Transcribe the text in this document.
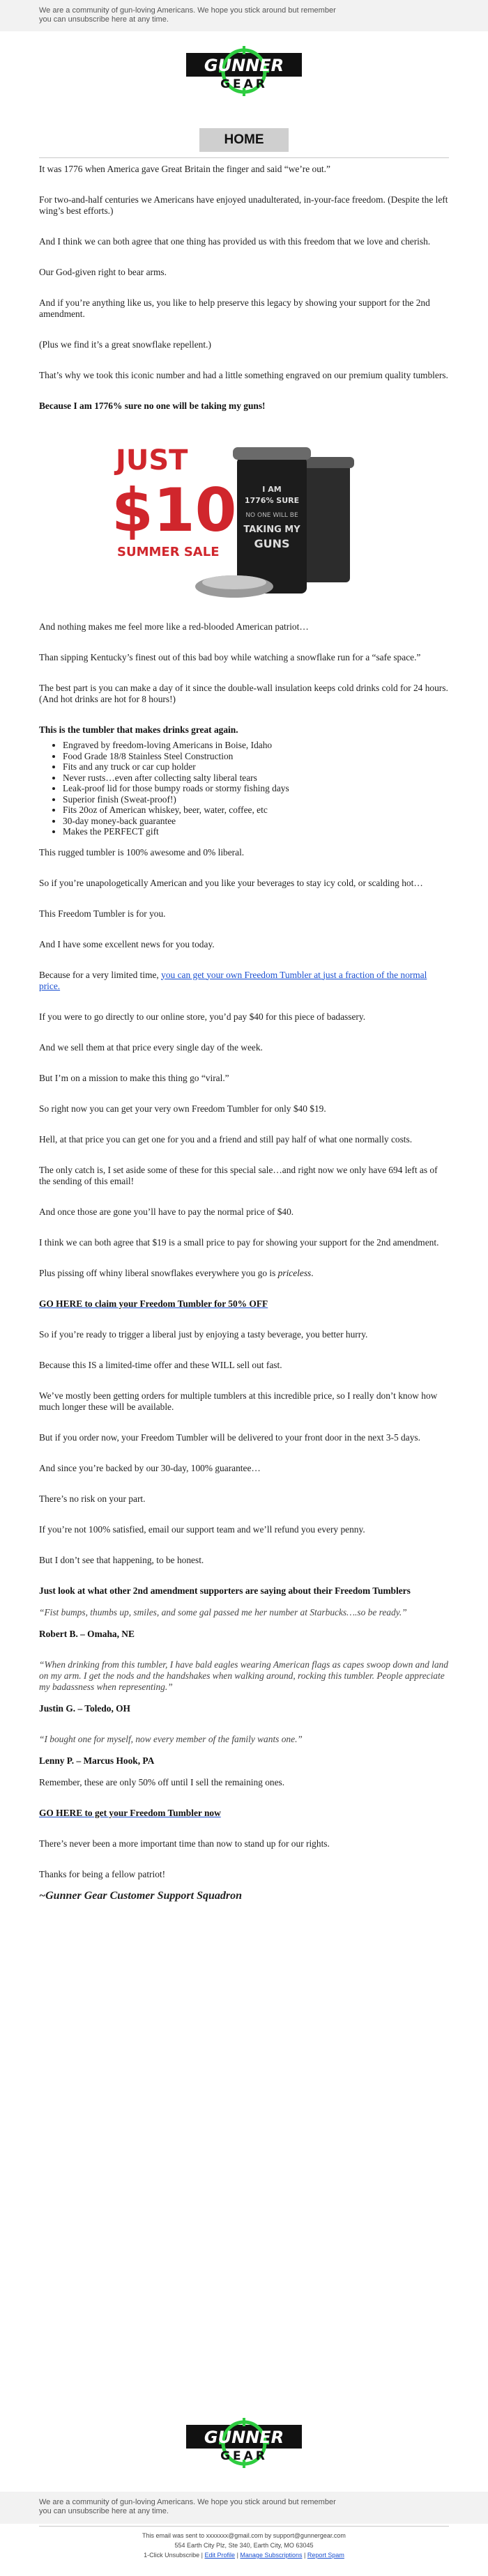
We are a community of gun-loving Americans. We hope you stick around but remember you can unsubscribe here at any time.

GUNNER
GEAR
HOME

It was 1776 when America gave Great Britain the finger and said “we’re out.”

For two-and-half centuries we Americans have enjoyed unadulterated, in-your-face freedom. (Despite the left wing’s best efforts.)

And I think we can both agree that one thing has provided us with this freedom that we love and cherish.

Our God-given right to bear arms.

And if you’re anything like us, you like to help preserve this legacy by showing your support for the 2nd amendment.

(Plus we find it’s a great snowflake repellent.)

That’s why we took this iconic number and had a little something engraved on our premium quality tumblers.

Because I am 1776% sure no one will be taking my guns!

JUST
$10
SUMMER SALE
I AM
1776% SURE
NO ONE WILL BE
TAKING MY
GUNS

And nothing makes me feel more like a red-blooded American patriot…

Than sipping Kentucky’s finest out of this bad boy while watching a snowflake run for a “safe space.”

The best part is you can make a day of it since the double-wall insulation keeps cold drinks cold for 24 hours. (And hot drinks are hot for 8 hours!)

This is the tumbler that makes drinks great again.

• Engraved by freedom-loving Americans in Boise, Idaho
• Food Grade 18/8 Stainless Steel Construction
• Fits and any truck or car cup holder
• Never rusts…even after collecting salty liberal tears
• Leak-proof lid for those bumpy roads or stormy fishing days
• Superior finish (Sweat-proof!)
• Fits 20oz of American whiskey, beer, water, coffee, etc
• 30-day money-back guarantee
• Makes the PERFECT gift

This rugged tumbler is 100% awesome and 0% liberal.

So if you’re unapologetically American and you like your beverages to stay icy cold, or scalding hot…

This Freedom Tumbler is for you.

And I have some excellent news for you today.

Because for a very limited time, you can get your own Freedom Tumbler at just a fraction of the normal price.

If you were to go directly to our online store, you’d pay $40 for this piece of badassery.

And we sell them at that price every single day of the week.

But I’m on a mission to make this thing go “viral.”

So right now you can get your very own Freedom Tumbler for only $40 $19.

Hell, at that price you can get one for you and a friend and still pay half of what one normally costs.

The only catch is, I set aside some of these for this special sale…and right now we only have 694 left as of the sending of this email!

And once those are gone you’ll have to pay the normal price of $40.

I think we can both agree that $19 is a small price to pay for showing your support for the 2nd amendment.

Plus pissing off whiny liberal snowflakes everywhere you go is priceless.

GO HERE to claim your Freedom Tumbler for 50% OFF

So if you’re ready to trigger a liberal just by enjoying a tasty beverage, you better hurry.

Because this IS a limited-time offer and these WILL sell out fast.

We’ve mostly been getting orders for multiple tumblers at this incredible price, so I really don’t know how much longer these will be available.

But if you order now, your Freedom Tumbler will be delivered to your front door in the next 3-5 days.

And since you’re backed by our 30-day, 100% guarantee…

There’s no risk on your part.

If you’re not 100% satisfied, email our support team and we’ll refund you every penny.

But I don’t see that happening, to be honest.

Just look at what other 2nd amendment supporters are saying about their Freedom Tumblers

“Fist bumps, thumbs up, smiles, and some gal passed me her number at Starbucks….so be ready.”

Robert B. – Omaha, NE

“When drinking from this tumbler, I have bald eagles wearing American flags as capes swoop down and land on my arm. I get the nods and the handshakes when walking around, rocking this tumbler. People appreciate my badassness when representing.”

Justin G. – Toledo, OH

“I bought one for myself, now every member of the family wants one.”

Lenny P. – Marcus Hook, PA

Remember, these are only 50% off until I sell the remaining ones.

GO HERE to get your Freedom Tumbler now

There’s never been a more important time than now to stand up for our rights.

Thanks for being a fellow patriot!

~Gunner Gear Customer Support Squadron

GUNNER
GEAR

We are a community of gun-loving Americans. We hope you stick around but remember you can unsubscribe here at any time.

This email was sent to xxxxxxx@gmail.com by support@gunnergear.com
554 Earth City Plz, Ste 340, Earth City, MO 63045
1-Click Unsubscribe | Edit Profile | Manage Subscriptions | Report Spam
